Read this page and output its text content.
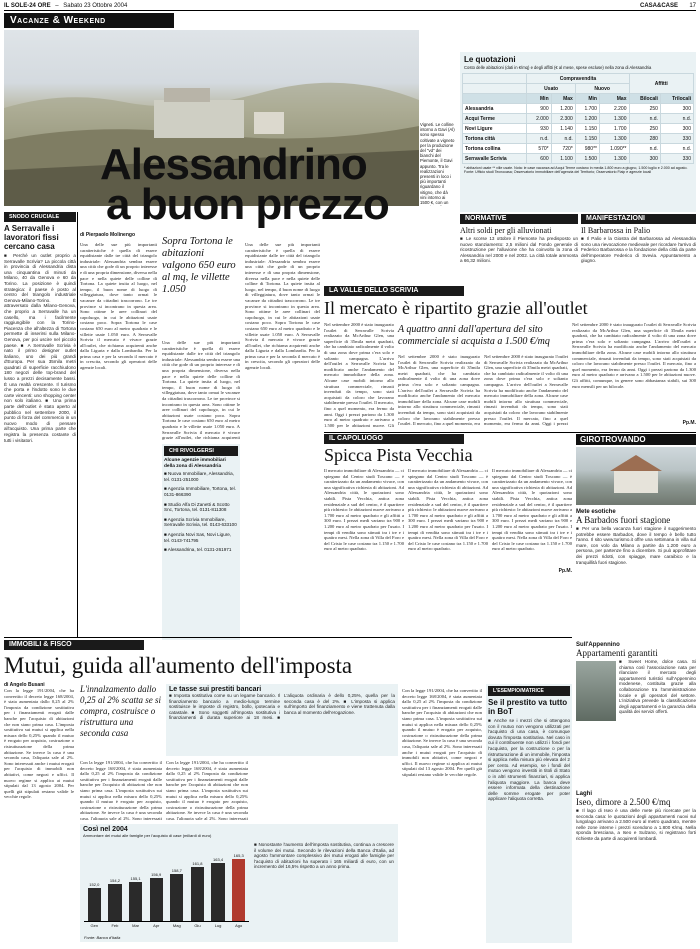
IL SOLE-24 ORE – Sabato 23 Ottobre 2004	CASA&CASE 17
Vacanze & Weekend
Vigneti. Le colline intorno a Gavi (Al) sono spesso coltivate a vigneto per la produzione del "vd" dei bianchi del Piemonte, il Gavi appunto. Tra le realizzazioni presenti in loco i più importanti riguardano il vitigno, che dà vini intorno ai 1500 €, con un
Alessandrino
a buon prezzo
Le quotazioni
Costo delle abitazioni (dati in €/mq) e degli affitti (€ al mese, spese escluse) nella zona di Alessandria
	Compravendita				Affitti	
	Usato		Nuovo			
	Min	Max	Min	Max	Bilocali	Trilocali
Alessandria	900	1.200	1.700	2.200	250	300
Acqui Terme	2.000	2.300	1.200	1.300	n.d.	n.d.
Novi Ligure	930	1.140	1.150	1.700	250	300
Tortona città	n.d.	n.d.	1.150	1.300	280	330
Tortona collina	570*	720*	980**	1.090**	n.d.	n.d.
Serravalle Scrivia	600	1.100	1.500	1.300	300	330
* abitazioni usate ** ville usate. Nota: le case vacanza ad Acqui Terme costano in media 1.800 euro a giugno, 1.500 luglio e 2.000 ad agosto. Fonte: Ufficio studi Tecnocasa; Osservatorio immobiliare dell'agenzia del Territorio; Osservatorio Fiaip e agenzie locali
NORMATIVE
Altri soldi per gli alluvionati
■ Le scorse 13 ottobre il Piemonte ha predisposto un nuovo stanziamento: 2,5 milioni dal Fondo generale di ricostruzione per l'alluvione che ha coinvolto la zona di Alessandria nel 2000 e nel 2002. La città totale ammonta a 66,32 milioni.
MANIFESTAZIONI
Il Barbarossa in Palio
■ Il Palio e la Giostra del Barbarossa ad Alessandria sono una rievocazione medievale per ricordare l'arrivo di Federico Barbarossa e la fondazione della città da parte dell'imperatore Federico di Svevia. Appuntamento a giugno.
SNODO CRUCIALE
A Serravalle i lavoratori fissi cercano casa
■ Perché un outlet proprio a Serravalle Scrivia? La piccola città in provincia di Alessandria dista una cinquantina di minuti da Milano, 40 da Genova e 60 da Torino. La posizione è quindi strategica: il paese è posto al centro del triangolo industriale Genova-Milano-Torino. È attraversato dalla Milano-Genova, che proprio a Serravalle ha un casello, ma i facilmente raggiungibile con la Torino-Piacenza che all'altezza di Tortona permette di inserirsi sulla Milano-Genova, per poi uscire nel piccolo paese. ■ A Serravalle Scrivia è nato il primo designer outlet italiano, uno dei più grandi d'Europa. Per sua 35mila metri quadrati di superficie racchiudono 180 negozi delle top-brand del lusso a prezzi decisamente bassi. È una realtà crescente. Il turismo che porta e l'indotto sono le due carte vincenti: uno shopping center non solo italiano. ■ Una prima parte dell'outlet è stato aperto al pubblico nel settembre 2000, il punto di forza del commercio in un nuovo modo di pensare all'acquisto. Una prima parte che registra la presenza costante di tutti i visitatori.
di Pierpaolo Molinengo
Una delle sue più importanti caratteristiche è quella di essere equidistante dalle tre città del triangolo industriale: Alessandria sembra essere una città che gode di un proprio interesse e di una propria dimensione, diversa nella pace e nella quiete delle colline di Tortona. La quiete insita al luogo, nel tempo, il buon nome di luogo di villeggiatura, dove tanto ormai le vacanze da cittadini trascorrono. Le tre province si incontrano in questa area. Sono ottime le aree collinari del capoluogo, in cui le abitazioni usate costano poco. Sopra Tortona le case costano 650 euro al metro quadrato e le villette usate 1.050 euro. A Serravalle Scrivia il mercato è vivace grazie all'outlet, che richiama acquirenti anche dalla Liguria e dalla Lombardia. Per la prima casa e per la seconda il mercato è in crescita, secondo gli operatori delle agenzie locali.
Sopra Tortona le abitazioni valgono 650 euro al mq, le villette 1.050
Una delle sue più importanti caratteristiche è quella di essere equidistante dalle tre città del triangolo industriale: Alessandria sembra essere una città che gode di un proprio interesse e di una propria dimensione, diversa nella pace e nella quiete delle colline di Tortona. La quiete insita al luogo, nel tempo, il buon nome di luogo di villeggiatura, dove tanto ormai le vacanze da cittadini trascorrono. Le tre province si incontrano in questa area. Sono ottime le aree collinari del capoluogo, in cui le abitazioni usate costano poco. Sopra Tortona le case costano 650 euro al metro quadrato e le villette usate 1.050 euro. A Serravalle Scrivia il mercato è vivace grazie all'outlet, che richiama acquirenti
CHI RIVOLGERSI
Alcune agenzie immobiliari della zona di Alessandria
■ Nuova Immobiliare, Alessandria, tel. 0131-251000
■ Agenzia Immobiliare, Tortona, tel. 0131-866390
■ Studio Alfa Di Zanetti & Scotto Snc, Tortona, tel. 0131-811308
■ Agenzia Scrivia Immobiliare, Serravalle Scrivia, tel. 0143-633100
■ Agenzia Novi Sas, Novi Ligure, tel. 0143-741795
■ Alessandrina, tel. 0131-261971
Una delle sue più importanti caratteristiche è quella di essere equidistante dalle tre città del triangolo industriale: Alessandria sembra essere una città che gode di un proprio interesse e di una propria dimensione, diversa nella pace e nella quiete delle colline di Tortona. La quiete insita al luogo, nel tempo, il buon nome di luogo di villeggiatura, dove tanto ormai le vacanze da cittadini trascorrono. Le tre province si incontrano in questa area. Sono ottime le aree collinari del capoluogo, in cui le abitazioni usate costano poco. Sopra Tortona le case costano 650 euro al metro quadrato e le villette usate 1.050 euro. A Serravalle Scrivia il mercato è vivace grazie all'outlet, che richiama acquirenti anche dalla Liguria e dalla Lombardia. Per la prima casa e per la seconda il mercato è in crescita, secondo gli operatori delle agenzie locali.
LA VALLE DELLO SCRIVIA
Il mercato è ripartito grazie all'outlet
Nel settembre 2000 è stato inaugurato l'outlet di Serravalle Scrivia realizzato da McArthur Glen, una superficie di 35mila metri quadrati, che ha cambiato radicalmente il volto di una zona dove prima c'era solo e soltanto campagna. L'arrivo dell'outlet a Serravalle Scrivia ha modificato anche l'andamento del mercato immobiliare della zona. Alcune case mobili intorno allo struttura commerciale, rimasti invenduti da tempo, sono stati acquistati da coloro che lavorano stabilmente presso l'outlet. Il mercato, fino a quel momento, era fermo da anni. Oggi i prezzi partono da 1.300 euro al metro quadrato e arrivano a 1.500 per le abitazioni nuove. Gli
A quattro anni dall'apertura del sito commerciale si acquista a 1.500 €/mq
Nel settembre 2000 è stato inaugurato l'outlet di Serravalle Scrivia realizzato da McArthur Glen, una superficie di 35mila metri quadrati, che ha cambiato radicalmente il volto di una zona dove prima c'era solo e soltanto campagna. L'arrivo dell'outlet a Serravalle Scrivia ha modificato anche l'andamento del mercato immobiliare della zona. Alcune case mobili intorno allo struttura commerciale, rimasti invenduti da tempo, sono stati acquistati da coloro che lavorano stabilmente presso l'outlet. Il mercato, fino a quel momento, era
Nel settembre 2000 è stato inaugurato l'outlet di Serravalle Scrivia realizzato da McArthur Glen, una superficie di 35mila metri quadrati, che ha cambiato radicalmente il volto di una zona dove prima c'era solo e soltanto campagna. L'arrivo dell'outlet a Serravalle Scrivia ha modificato anche l'andamento del mercato immobiliare della zona. Alcune case mobili intorno allo struttura commerciale, rimasti invenduti da tempo, sono stati acquistati da coloro che lavorano stabilmente presso l'outlet. Il mercato, fino a quel momento, era fermo da anni. Oggi i prezzi
Nel settembre 2000 è stato inaugurato l'outlet di Serravalle Scrivia realizzato da McArthur Glen, una superficie di 35mila metri quadrati, che ha cambiato radicalmente il volto di una zona dove prima c'era solo e soltanto campagna. L'arrivo dell'outlet a Serravalle Scrivia ha modificato anche l'andamento del mercato immobiliare della zona. Alcune case mobili intorno allo struttura commerciale, rimasti invenduti da tempo, sono stati acquistati da coloro che lavorano stabilmente presso l'outlet. Il mercato, fino a quel momento, era fermo da anni. Oggi i prezzi partono da 1.300 euro al metro quadrato e arrivano a 1.500 per le abitazioni nuove. Gli affitti, comunque, in genere sono abbastanza stabili, sui 300 euro mensili per un bilocale.
Pp.M.
IL CAPOLUOGO
Spicca Pista Vecchia
Il mercato immobiliare di Alessandria — ci spiegano dal Centro studi Toscano — è caratterizzato da un andamento vivace, con una significativa richiesta di abitazioni. Ad Alessandria città, le quotazioni sono stabili. Pista Vecchia, antica zona residenziale a sud del centro, è il quartiere più richiesto: le abitazioni nuove arrivano a 1.700 euro al metro quadrato e gli affitti a 300 euro. I prezzi medi variano tra 900 e 1.200 euro al metro quadrato per l'usato. I tempi di vendita sono stimati tra i tre e i quattro mesi. Nella zona di Villa del Foro e del Cristo le case costano tra 1.150 e 1.700 euro al metro quadrato.
Il mercato immobiliare di Alessandria — ci spiegano dal Centro studi Toscano — è caratterizzato da un andamento vivace, con una significativa richiesta di abitazioni. Ad Alessandria città, le quotazioni sono stabili. Pista Vecchia, antica zona residenziale a sud del centro, è il quartiere più richiesto: le abitazioni nuove arrivano a 1.700 euro al metro quadrato e gli affitti a 300 euro. I prezzi medi variano tra 900 e 1.200 euro al metro quadrato per l'usato. I tempi di vendita sono stimati tra i tre e i quattro mesi. Nella zona di Villa del Foro e del Cristo le case costano tra 1.150 e 1.700 euro al metro quadrato.
Il mercato immobiliare di Alessandria — ci spiegano dal Centro studi Toscano — è caratterizzato da un andamento vivace, con una significativa richiesta di abitazioni. Ad Alessandria città, le quotazioni sono stabili. Pista Vecchia, antica zona residenziale a sud del centro, è il quartiere più richiesto: le abitazioni nuove arrivano a 1.700 euro al metro quadrato e gli affitti a 300 euro. I prezzi medi variano tra 900 e 1.200 euro al metro quadrato per l'usato. I tempi di vendita sono stimati tra i tre e i quattro mesi. Nella zona di Villa del Foro e del Cristo le case costano tra 1.150 e 1.700 euro al metro quadrato.
Pp.M.
GIROTROVANDO
Mete esotiche
A Barbados fuori stagione
■ Per una bella vacanza fuori stagione il suggerimento potrebbe essere Barbados, dove il tempo è bello tutto l'anno. Il sito www.turismo.it offre una settimana in villa sul mare, con volo da Milano a partire da 1.200 euro a persona, per partenze fino a dicembre. Si può approfittare dei prezzi ridotti, con spiagge, mare caraibico e la tranquillità fuori stagione.
Sull'Appennino
Appartamenti garantiti
■ Sweet Home, dolce casa. Si chiama così l'associazione nata per rilanciare il mercato degli appartamenti turistici sull'Appennino modenese, costituita grazie alla collaborazione tra l'amministrazione locale e gli operatori del settore. L'iniziativa prevede la classificazione degli appartamenti e la garanzia della qualità dei servizi offerti.
Laghi
Iseo, dimore a 2.500 €/mq
■ Il lago di Iseo è una delle mete più ricercate per la seconda casa: le quotazioni degli appartamenti nuovi sul lungolago arrivano a 2.500 euro al metro quadrato, mentre nelle zone interne i prezzi scendono a 1.800 €/mq. Nella sponda bresciana, a Iseo e Sulzano, si registrano forti richieste da parte di acquirenti lombardi.
IMMOBILI & FISCO
Mutui, guida all'aumento dell'imposta
di Angelo Busani
Con la legge 191/2004, che ha convertito il decreto legge 168/2004, è stata aumentata dallo 0,25 al 2% l'imposta da condizione sostitutiva per i finanziamenti erogati dalle banche per l'acquisto di abitazioni che non siano prima casa. L'imposta sostitutiva sui mutui si applica nella misura dello 0,25% quando il mutuo è erogato per acquisto, costruzione o ristrutturazione della prima abitazione. Se invece la casa è una seconda casa, l'aliquota sale al 2%. Sono interessati anche i mutui erogati per l'acquisto di immobili non abitativi, come negozi e uffici. Il nuovo regime si applica ai mutui stipulati dal 13 agosto 2004. Per quelli già stipulati restano valide le vecchie regole.
L'innalzamento dallo 0,25 al 2% scatta se si compra, costruisce o ristruttura una seconda casa
Con la legge 191/2004, che ha convertito il decreto legge 168/2004, è stata aumentata dallo 0,25 al 2% l'imposta da condizione sostitutiva per i finanziamenti erogati dalle banche per l'acquisto di abitazioni che non siano prima casa. L'imposta sostitutiva sui mutui si applica nella misura dello 0,25% quando il mutuo è erogato per acquisto, costruzione o ristrutturazione della prima abitazione. Se invece la casa è una seconda casa, l'aliquota sale al 2%. Sono interessati
Con la legge 191/2004, che ha convertito il decreto legge 168/2004, è stata aumentata dallo 0,25 al 2% l'imposta da condizione sostitutiva per i finanziamenti erogati dalle banche per l'acquisto di abitazioni che non siano prima casa. L'imposta sostitutiva sui mutui si applica nella misura dello 0,25% quando il mutuo è erogato per acquisto, costruzione o ristrutturazione della prima abitazione. Se invece la casa è una seconda casa, l'aliquota sale al 2%. Sono interessati
Le tasse sui prestiti bancari
■ Imposta sostitutiva come su un legame bancario. Il finanziamento bancario a medio-lungo termine sostituisce le imposte di registro, bollo, ipotecaria e catastale. ■ Sono soggetti all'imposta sostitutiva i finanziamenti di durata superiore ai 18 mesi. ■ L'aliquota ordinaria è dello 0,25%, quella per la seconda casa è del 2%. ■ L'imposta si applica sull'importo del finanziamento e viene trattenuta dalla banca al momento dell'erogazione.
Così nel 2004
Ammontare dei mutui alle famiglie per l'acquisto di case (miliardi di euro)
152,0
Gen
154,2
Feb
155,1
Mar
156,9
Apr
158,7
Mag
161,8
Giu
163,4
Lug
165,3
Ago
Fonte: Banca d'Italia
■ Nonostante l'aumento dell'imposta sostitutiva, continua a crescere il volume dei mutui. Secondo le rilevazioni della Banca d'Italia, ad agosto l'ammontare complessivo dei mutui erogati alle famiglie per l'acquisto di abitazioni ha superato i 165 miliardi di euro, con un incremento del 16,5% rispetto a un anno prima.
Con la legge 191/2004, che ha convertito il decreto legge 168/2004, è stata aumentata dallo 0,25 al 2% l'imposta da condizione sostitutiva per i finanziamenti erogati dalle banche per l'acquisto di abitazioni che non siano prima casa. L'imposta sostitutiva sui mutui si applica nella misura dello 0,25% quando il mutuo è erogato per acquisto, costruzione o ristrutturazione della prima abitazione. Se invece la casa è una seconda casa, l'aliquota sale al 2%. Sono interessati anche i mutui erogati per l'acquisto di immobili non abitativi, come negozi e uffici. Il nuovo regime si applica ai mutui stipulati dal 13 agosto 2004. Per quelli già stipulati restano valide le vecchie regole.
L'ESEMPIO/MATRICE
Se il prestito va tutto in BoT
■ Anche se i mezzi che si ottengono con il mutuo non vengono utilizzati per l'acquisto di una casa, è comunque dovuta l'imposta sostitutiva. Nel caso in cui il contribuente non utilizzi i fondi per l'acquisto, per la costruzione o per la ristrutturazione di un immobile, l'imposta si applica nella misura più elevata del 2 per cento. Ad esempio, se i fondi del mutuo vengono investiti in titoli di Stato o in altri strumenti finanziari, si applica l'aliquota maggiore. La banca deve essere informata della destinazione delle somme erogate per poter applicare l'aliquota corretta.
